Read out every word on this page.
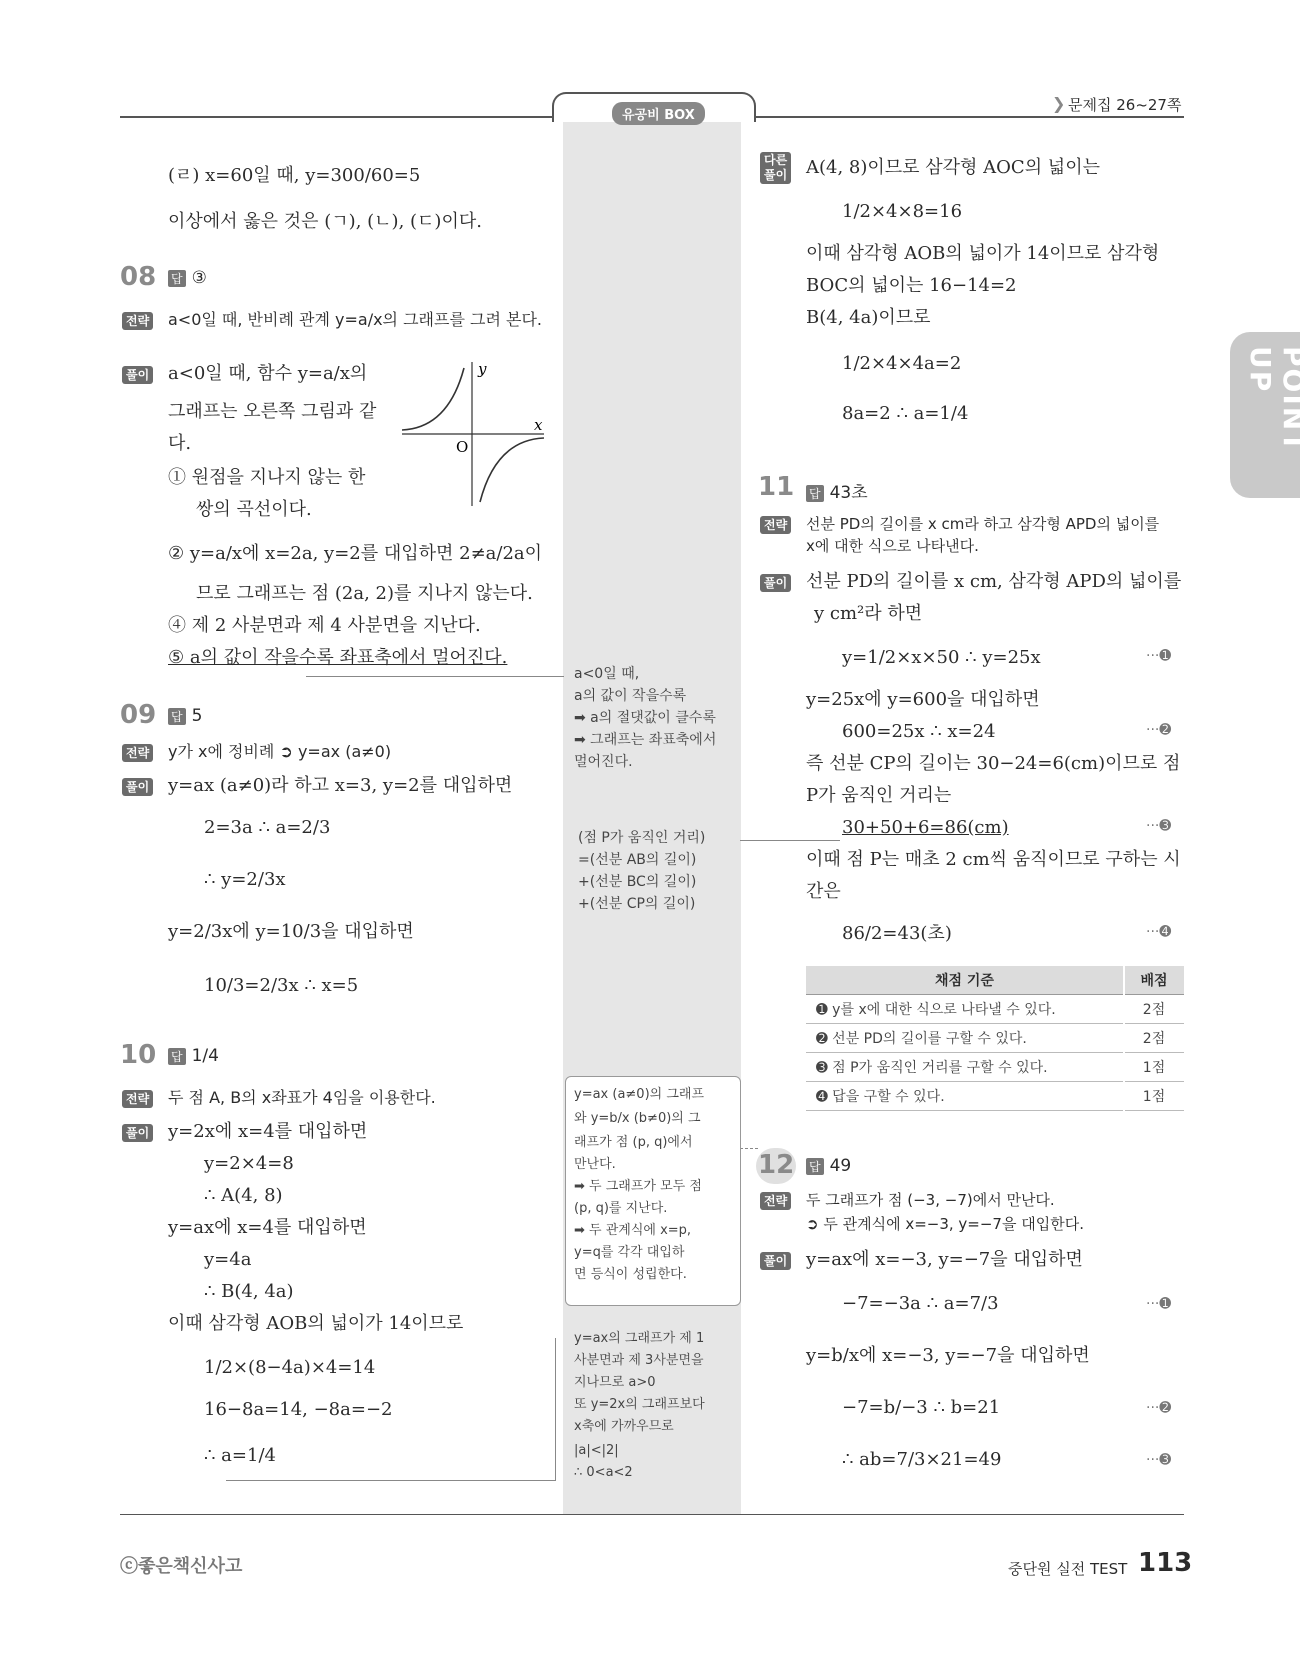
유공비 BOX
❯ 문제집 26~27쪽
POINT UP
(ㄹ) x=60일 때, y=300/60=5
이상에서 옳은 것은 (ㄱ), (ㄴ), (ㄷ)이다.
08 답 ③
전략 a<0일 때, 반비례 관계 y=a/x의 그래프를 그려 본다.
풀이 a<0일 때, 함수 y=a/x의
그래프는 오른쪽 그림과 같
다.
① 원점을 지나지 않는 한
쌍의 곡선이다.
② y=a/x에 x=2a, y=2를 대입하면 2≠a/2a이
므로 그래프는 점 (2a, 2)를 지나지 않는다.
④ 제 2 사분면과 제 4 사분면을 지난다.
⑤ a의 값이 작을수록 좌표축에서 멀어진다.
x
y
O
09 답 5
전략 y가 x에 정비례 ➲ y=ax (a≠0)
풀이 y=ax (a≠0)라 하고 x=3, y=2를 대입하면
2=3a ∴ a=2/3
∴ y=2/3x
y=2/3x에 y=10/3을 대입하면
10/3=2/3x ∴ x=5
10 답 1/4
전략 두 점 A, B의 x좌표가 4임을 이용한다.
풀이 y=2x에 x=4를 대입하면
y=2×4=8
∴ A(4, 8)
y=ax에 x=4를 대입하면
y=4a
∴ B(4, 4a)
이때 삼각형 AOB의 넓이가 14이므로
1/2×(8−4a)×4=14
16−8a=14, −8a=−2
∴ a=1/4
a<0일 때,
a의 값이 작을수록
➡ a의 절댓값이 클수록
➡ 그래프는 좌표축에서
멀어진다.
(점 P가 움직인 거리)
=(선분 AB의 길이)
+(선분 BC의 길이)
+(선분 CP의 길이)
y=ax (a≠0)의 그래프
와 y=b/x (b≠0)의 그
래프가 점 (p, q)에서
만난다.
➡ 두 그래프가 모두 점
(p, q)를 지난다.
➡ 두 관계식에 x=p,
y=q를 각각 대입하
면 등식이 성립한다.
y=ax의 그래프가 제 1
사분면과 제 3사분면을
지나므로 a>0
또 y=2x의 그래프보다
x축에 가까우므로
|a|<|2|
∴ 0<a<2
다른
풀이 A(4, 8)이므로 삼각형 AOC의 넓이는
1/2×4×8=16
이때 삼각형 AOB의 넓이가 14이므로 삼각형
BOC의 넓이는 16−14=2
B(4, 4a)이므로
1/2×4×4a=2
8a=2 ∴ a=1/4
11 답 43초
전략 선분 PD의 길이를 x cm라 하고 삼각형 APD의 넓이를
x에 대한 식으로 나타낸다.
풀이 선분 PD의 길이를 x cm, 삼각형 APD의 넓이를
y cm²라 하면
y=1/2×x×50 ∴ y=25x
y=25x에 y=600을 대입하면
600=25x ∴ x=24
즉 선분 CP의 길이는 30−24=6(cm)이므로 점
P가 움직인 거리는
30+50+6=86(cm)
이때 점 P는 매초 2 cm씩 움직이므로 구하는 시
간은
86/2=43(초)
···➊
···➋
···➌
···➍
채점 기준	배점
➊ y를 x에 대한 식으로 나타낼 수 있다.	2점
➋ 선분 PD의 길이를 구할 수 있다.	2점
➌ 점 P가 움직인 거리를 구할 수 있다.	1점
➍ 답을 구할 수 있다.	1점
12 답 49
전략 두 그래프가 점 (−3, −7)에서 만난다.
➲ 두 관계식에 x=−3, y=−7을 대입한다.
풀이 y=ax에 x=−3, y=−7을 대입하면
−7=−3a ∴ a=7/3
y=b/x에 x=−3, y=−7을 대입하면
−7=b/−3 ∴ b=21
∴ ab=7/3×21=49
···➊
···➋
···➌
ⓒ좋은책신사고	중단원 실전 TEST 113
